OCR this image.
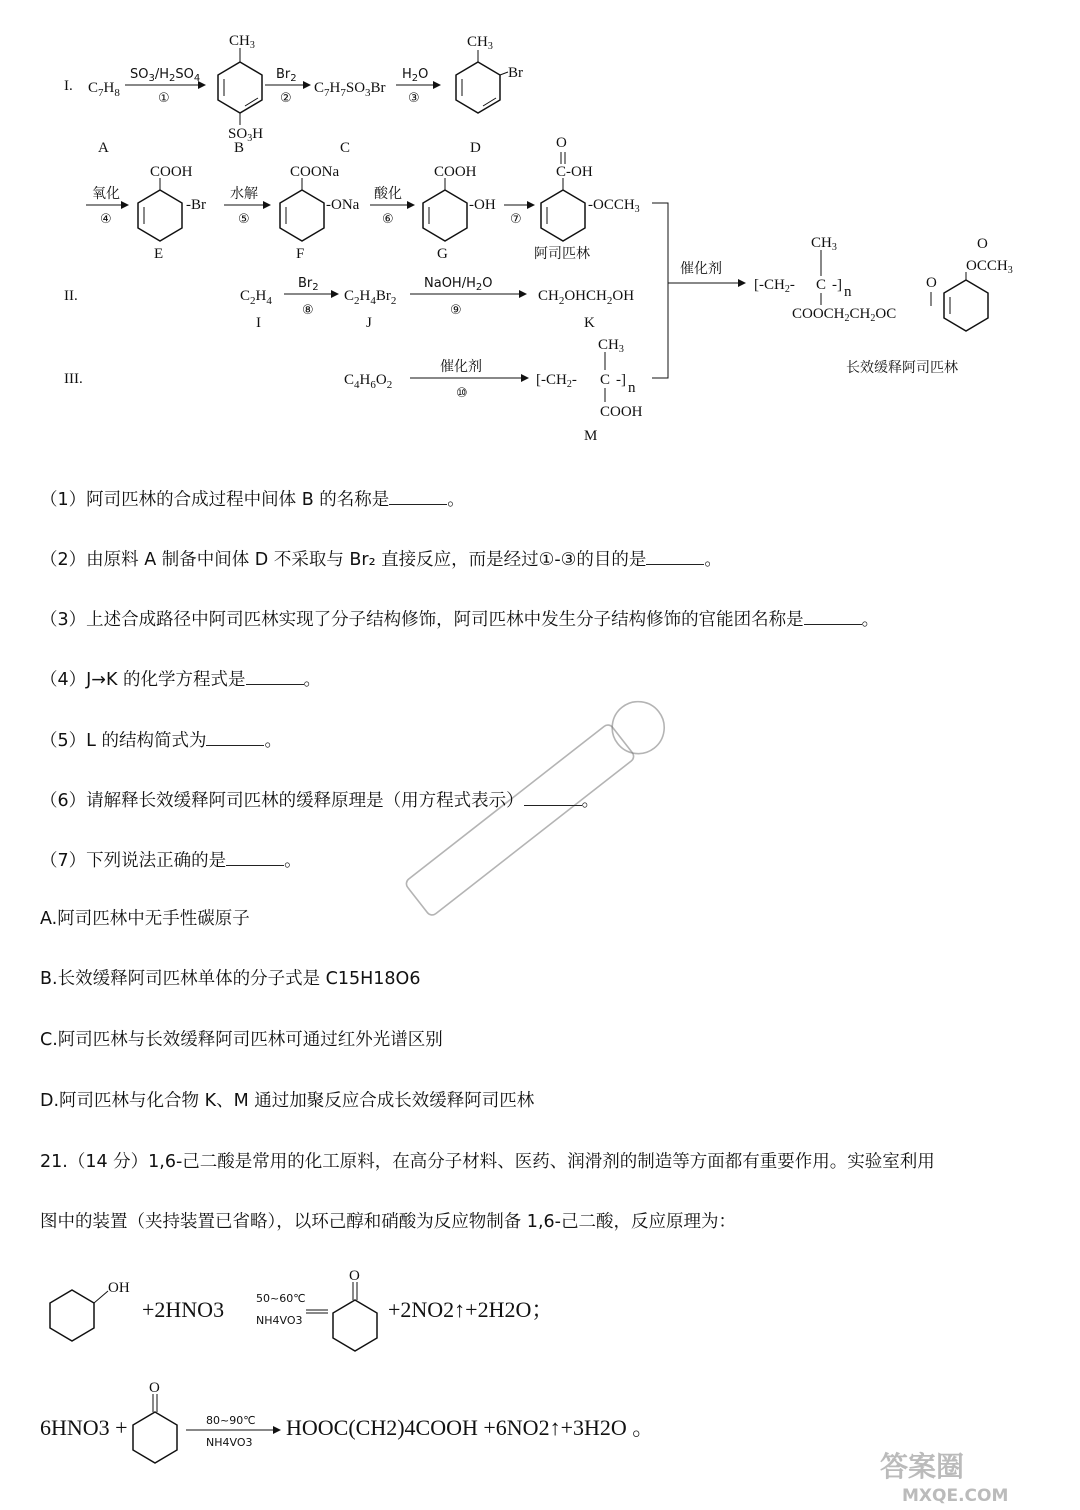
I. $C_7H_8$
$SO_3/H_2SO_4$
①
$CH_3$
$SO_3H$
$Br_2$
②
$C_7H_7SO_3Br$
$H_2O$
③
$CH_3$
Br
A	B	C	D
氧化
④
COOH
-Br
E
水解
⑤
COONa
-ONa
F
酸化
⑥
COOH
-OH
G
⑦
O
C-OH
$-OCCH_3$
阿司匹林
催化剂
[$-CH_2-$ C -] n
$CH_3$
$COOCH_2CH_2OC$
O
$OCCH_3$
O
长效缓释阿司匹林
II.	$C_2H_4$
$Br_2$
⑧
$C_2H_4Br_2$
NaOH/$H_2O$
⑨
$CH_2OHCH_2OH$
I	J	K
III.	$C_4H_6O_2$
催化剂
⑩
[$-CH_2-$ C -] n
$CH_3$
COOH
M
OH
O
O
（1）阿司匹林的合成过程中间体 B 的名称是	。
（2）由原料 A 制备中间体 D 不采取与 Br₂ 直接反应，而是经过①-③的目的是	。
（3）上述合成路径中阿司匹林实现了分子结构修饰，阿司匹林中发生分子结构修饰的官能团名称是	。
（4）J→K 的化学方程式是	。
（5）L 的结构简式为	。
（6）请解释长效缓释阿司匹林的缓释原理是（用方程式表示）	。
（7）下列说法正确的是	。
A.阿司匹林中无手性碳原子
B.长效缓释阿司匹林单体的分子式是 C15H18O6
C.阿司匹林与长效缓释阿司匹林可通过红外光谱区别
D.阿司匹林与化合物 K、M 通过加聚反应合成长效缓释阿司匹林
21.（14 分）1,6-己二酸是常用的化工原料，在高分子材料、医药、润滑剂的制造等方面都有重要作用。实验室利用
图中的装置（夹持装置已省略），以环己醇和硝酸为反应物制备 1,6-己二酸，反应原理为：
+2HNO3	50~60℃
NH4VO3	+2NO2↑+2H2O；
6HNO3 +	80~90℃
NH4VO3
HOOC(CH2)4COOH +6NO2↑+3H2O 。
答案圈
MXQE.COM
